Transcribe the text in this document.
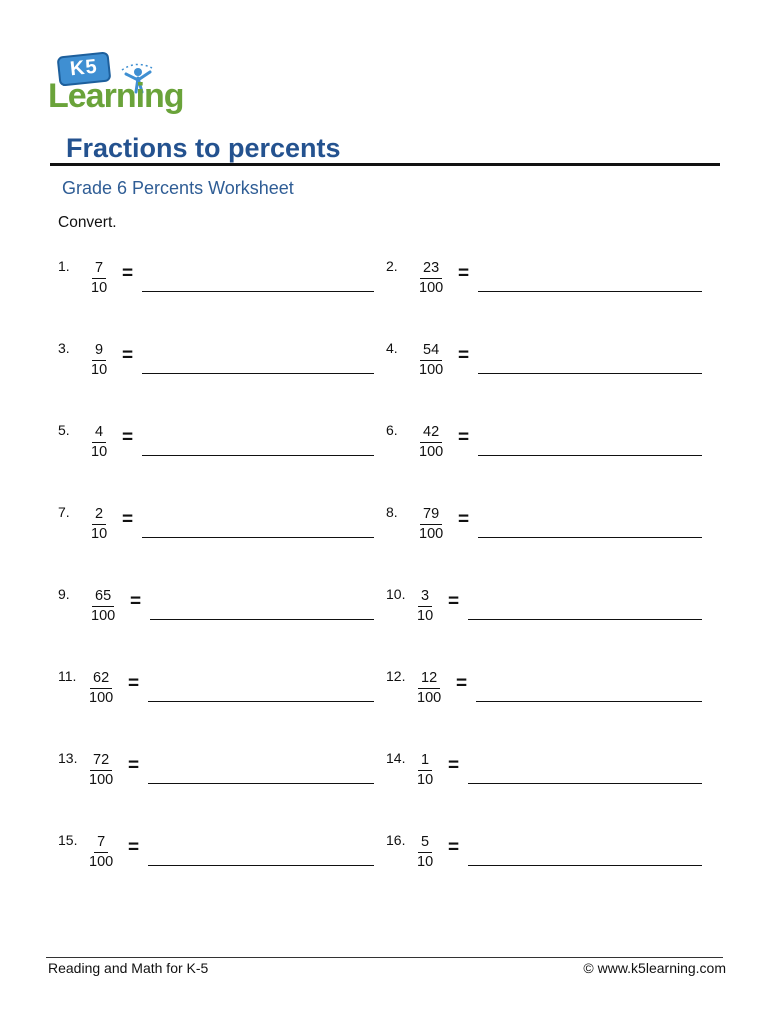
K5
Learning
Fractions to percents
Grade 6 Percents Worksheet
Convert.
1. $\frac{7}{10}$ =	2. $\frac{23}{100}$ =
3. $\frac{9}{10}$ =	4. $\frac{54}{100}$ =
5. $\frac{4}{10}$ =	6. $\frac{42}{100}$ =
7. $\frac{2}{10}$ =	8. $\frac{79}{100}$ =
9. $\frac{65}{100}$ =	10. $\frac{3}{10}$ =
11. $\frac{62}{100}$ =	12. $\frac{12}{100}$ =
13. $\frac{72}{100}$ =	14. $\frac{1}{10}$ =
15. $\frac{7}{100}$ =	16. $\frac{5}{10}$ =
Reading and Math for K-5	© www.k5learning.com
